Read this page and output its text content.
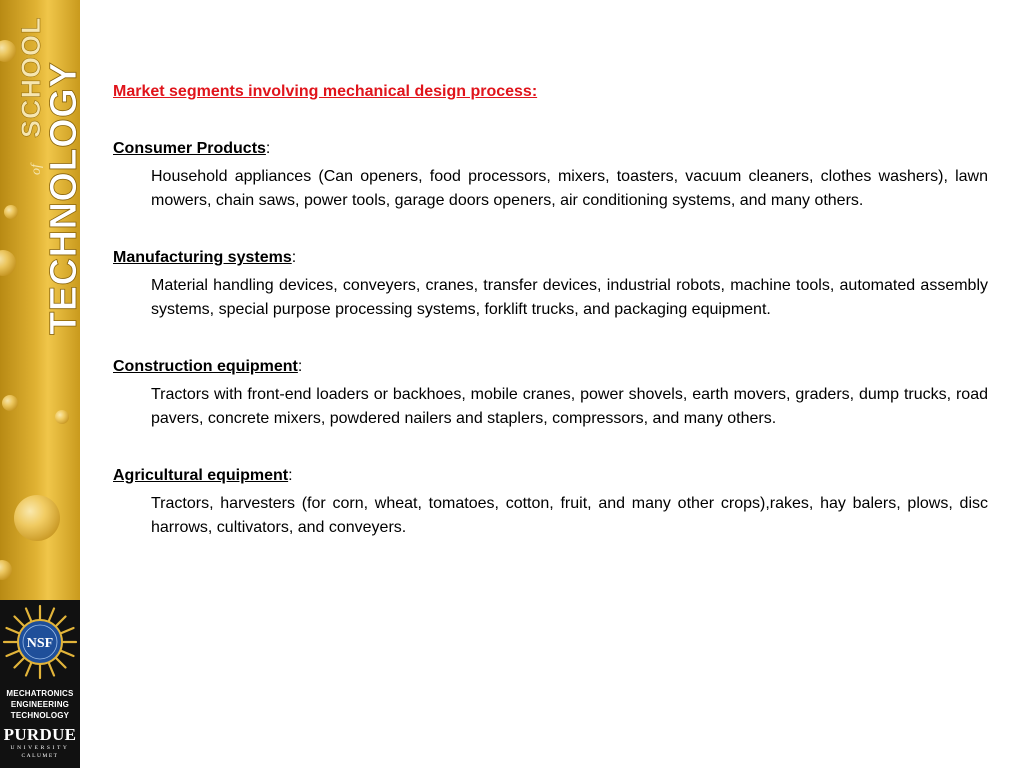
SCHOOL
of TECHNOLOGY
NSF
MECHATRONICS
ENGINEERING
TECHNOLOGY
PURDUE
UNIVERSITY
CALUMET

Market segments involving mechanical design process:

Consumer Products:
Household appliances (Can openers, food processors, mixers, toasters, vacuum cleaners, clothes washers), lawn mowers, chain saws, power tools, garage doors openers, air conditioning systems, and many others.
Manufacturing systems:
Material handling devices, conveyers, cranes, transfer devices, industrial robots, machine tools, automated assembly systems, special purpose processing systems, forklift trucks, and packaging equipment.
Construction equipment:
Tractors with front-end loaders or backhoes, mobile cranes, power shovels, earth movers, graders, dump trucks, road pavers, concrete mixers, powdered nailers and staplers, compressors, and many others.
Agricultural equipment:
Tractors, harvesters (for corn, wheat, tomatoes, cotton, fruit, and many other crops),rakes, hay balers, plows, disc harrows, cultivators, and conveyers.
